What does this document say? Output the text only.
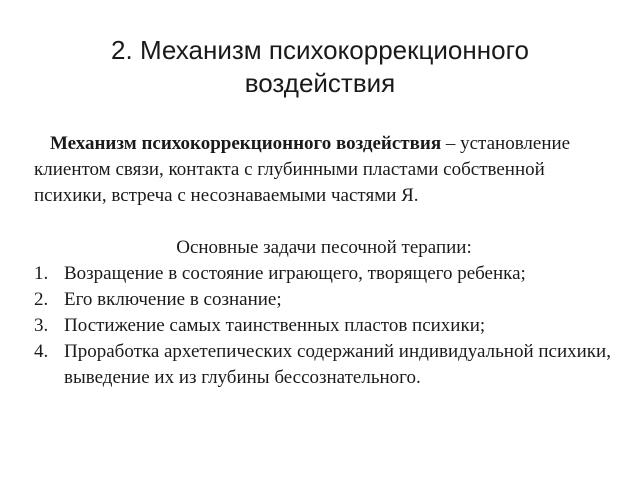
2. Механизм психокоррекционного воздействия

Механизм психокоррекционного воздействия – установление клиентом связи, контакта с глубинными пластами собственной психики, встреча с несознаваемыми частями Я.

Основные задачи песочной терапии:

1. Возращение в состояние играющего, творящего ребенка;
2. Его включение в сознание;
3. Постижение самых таинственных пластов психики;
4. Проработка архетепических содержаний индивидуальной психики, выведение их из глубины бессознательного.
